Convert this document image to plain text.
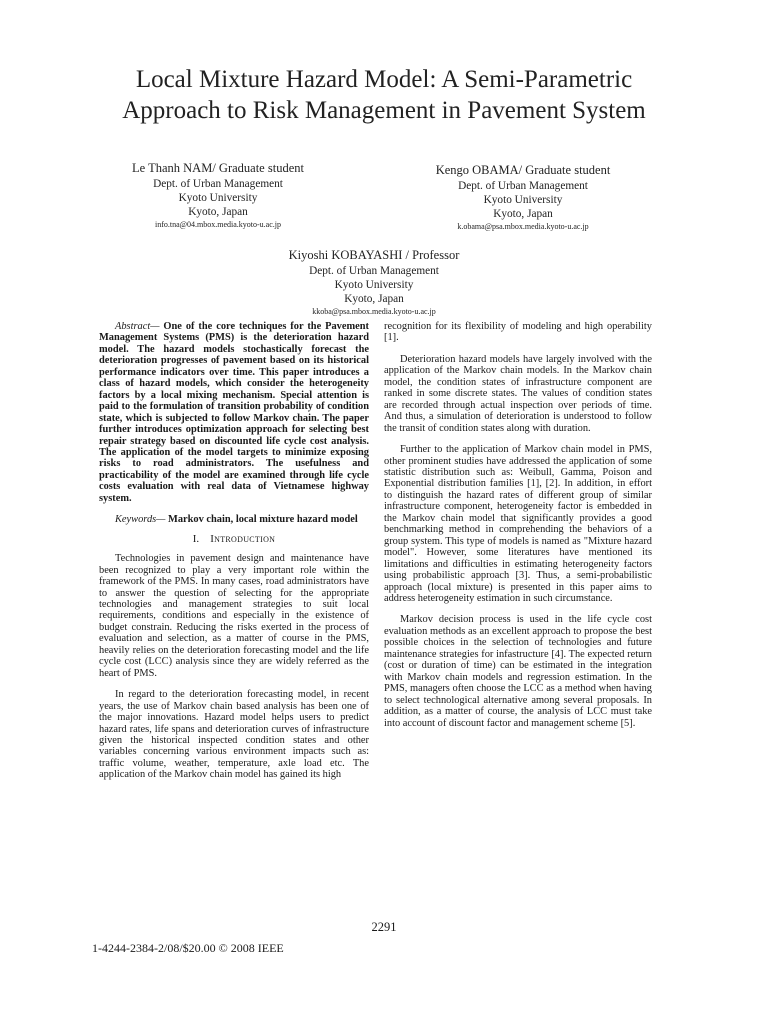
Local Mixture Hazard Model: A Semi-Parametric
Approach to Risk Management in Pavement System
Le Thanh NAM/ Graduate student
Dept. of Urban Management
Kyoto University
Kyoto, Japan
info.tna@04.mbox.media.kyoto-u.ac.jp
Kengo OBAMA/ Graduate student
Dept. of Urban Management
Kyoto University
Kyoto, Japan
k.obama@psa.mbox.media.kyoto-u.ac.jp
Kiyoshi KOBAYASHI / Professor
Dept. of Urban Management
Kyoto University
Kyoto, Japan
kkoba@psa.mbox.media.kyoto-u.ac.jp

Abstract— One of the core techniques for the Pavement Management Systems (PMS) is the deterioration hazard model. The hazard models stochastically forecast the deterioration progresses of pavement based on its historical performance indicators over time. This paper introduces a class of hazard models, which consider the heterogeneity factors by a local mixing mechanism. Special attention is paid to the formulation of transition probability of condition state, which is subjected to follow Markov chain. The paper further introduces optimization approach for selecting best repair strategy based on discounted life cycle cost analysis. The application of the model targets to minimize exposing risks to road administrators. The usefulness and practicability of the model are examined through life cycle costs evaluation with real data of Vietnamese highway system.

Keywords— Markov chain, local mixture hazard model

I. Introduction

Technologies in pavement design and maintenance have been recognized to play a very important role within the framework of the PMS. In many cases, road administrators have to answer the question of selecting for the appropriate technologies and management strategies to suit local requirements, conditions and especially in the existence of budget constrain. Reducing the risks exerted in the process of evaluation and selection, as a matter of course in the PMS, heavily relies on the deterioration forecasting model and the life cycle cost (LCC) analysis since they are widely referred as the heart of PMS.

In regard to the deterioration forecasting model, in recent years, the use of Markov chain based analysis has been one of the major innovations. Hazard model helps users to predict hazard rates, life spans and deterioration curves of infrastructure given the historical inspected condition states and other variables concerning various environment impacts such as: traffic volume, weather, temperature, axle load etc. The application of the Markov chain model has gained its high

recognition for its flexibility of modeling and high operability [1].

Deterioration hazard models have largely involved with the application of the Markov chain models. In the Markov chain model, the condition states of infrastructure component are ranked in some discrete states. The values of condition states are recorded through actual inspection over periods of time. And thus, a simulation of deterioration is understood to follow the transit of condition states along with duration.

Further to the application of Markov chain model in PMS, other prominent studies have addressed the application of some statistic distribution such as: Weibull, Gamma, Poison and Exponential distribution families [1], [2]. In addition, in effort to distinguish the hazard rates of different group of similar infrastructure component, heterogeneity factor is embedded in the Markov chain model that significantly provides a good benchmarking method in comprehending the behaviors of a group system. This type of models is named as "Mixture hazard model". However, some literatures have mentioned its limitations and difficulties in estimating heterogeneity factors using probabilistic approach [3]. Thus, a semi-probabilistic approach (local mixture) is presented in this paper aims to address heterogeneity estimation in such circumstance.

Markov decision process is used in the life cycle cost evaluation methods as an excellent approach to propose the best possible choices in the selection of technologies and future maintenance strategies for infastructure [4]. The expected return (cost or duration of time) can be estimated in the integration with Markov chain models and regression estimation. In the PMS, managers often choose the LCC as a method when having to select technological alternative among several proposals. In addition, as a matter of course, the analysis of LCC must take into account of discount factor and management scheme [5].

2291
1-4244-2384-2/08/$20.00 © 2008 IEEE
